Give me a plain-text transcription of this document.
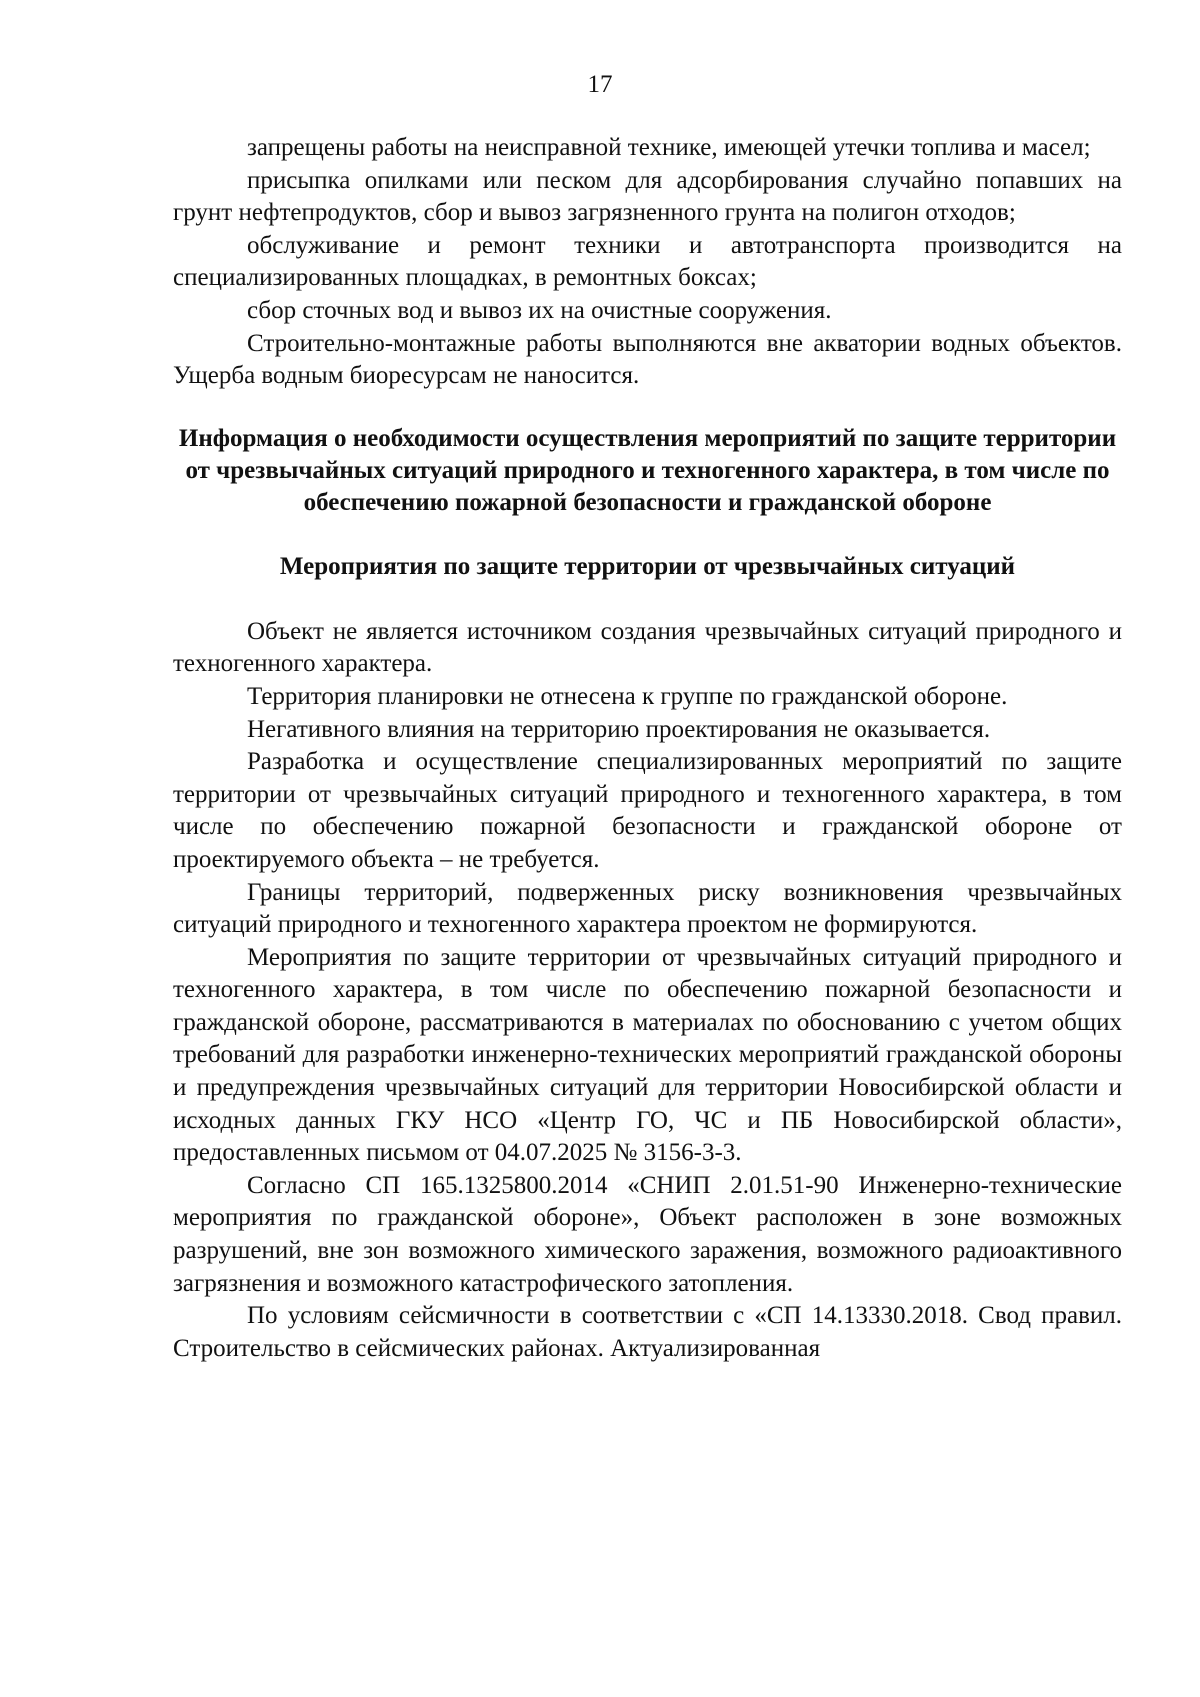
17

запрещены работы на неисправной технике, имеющей утечки топлива и масел;

присыпка опилками или песком для адсорбирования случайно попавших на грунт нефтепродуктов, сбор и вывоз загрязненного грунта на полигон отходов;

обслуживание и ремонт техники и автотранспорта производится на специализированных площадках, в ремонтных боксах;

сбор сточных вод и вывоз их на очистные сооружения.

Строительно-монтажные работы выполняются вне акватории водных объектов. Ущерба водным биоресурсам не наносится.

Информация о необходимости осуществления мероприятий по защите территории от чрезвычайных ситуаций природного и техногенного характера, в том числе по обеспечению пожарной безопасности и гражданской обороне
Мероприятия по защите территории от чрезвычайных ситуаций

Объект не является источником создания чрезвычайных ситуаций природного и техногенного характера.

Территория планировки не отнесена к группе по гражданской обороне.

Негативного влияния на территорию проектирования не оказывается.

Разработка и осуществление специализированных мероприятий по защите территории от чрезвычайных ситуаций природного и техногенного характера, в том числе по обеспечению пожарной безопасности и гражданской обороне от проектируемого объекта – не требуется.

Границы территорий, подверженных риску возникновения чрезвычайных ситуаций природного и техногенного характера проектом не формируются.

Мероприятия по защите территории от чрезвычайных ситуаций природного и техногенного характера, в том числе по обеспечению пожарной безопасности и гражданской обороне, рассматриваются в материалах по обоснованию с учетом общих требований для разработки инженерно-технических мероприятий гражданской обороны и предупреждения чрезвычайных ситуаций для территории Новосибирской области и исходных данных ГКУ НСО «Центр ГО, ЧС и ПБ Новосибирской области», предоставленных письмом от 04.07.2025 № 3156-3-3.

Согласно СП 165.1325800.2014 «СНИП 2.01.51-90 Инженерно-технические мероприятия по гражданской обороне», Объект расположен в зоне возможных разрушений, вне зон возможного химического заражения, возможного радиоактивного загрязнения и возможного катастрофического затопления.

По условиям сейсмичности в соответствии с «СП 14.13330.2018. Свод правил. Строительство в сейсмических районах. Актуализированная
